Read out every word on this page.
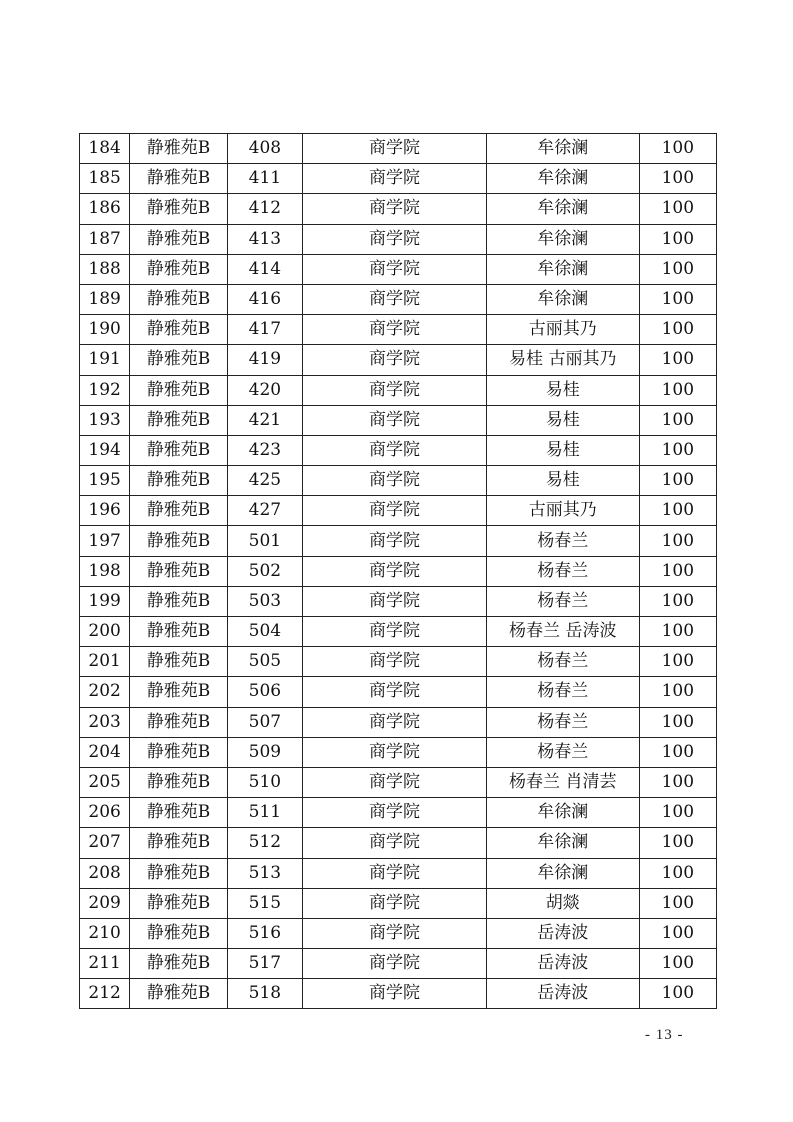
184	静雅苑B	408	商学院	牟徐澜	100
185	静雅苑B	411	商学院	牟徐澜	100
186	静雅苑B	412	商学院	牟徐澜	100
187	静雅苑B	413	商学院	牟徐澜	100
188	静雅苑B	414	商学院	牟徐澜	100
189	静雅苑B	416	商学院	牟徐澜	100
190	静雅苑B	417	商学院	古丽其乃	100
191	静雅苑B	419	商学院	易桂 古丽其乃	100
192	静雅苑B	420	商学院	易桂	100
193	静雅苑B	421	商学院	易桂	100
194	静雅苑B	423	商学院	易桂	100
195	静雅苑B	425	商学院	易桂	100
196	静雅苑B	427	商学院	古丽其乃	100
197	静雅苑B	501	商学院	杨春兰	100
198	静雅苑B	502	商学院	杨春兰	100
199	静雅苑B	503	商学院	杨春兰	100
200	静雅苑B	504	商学院	杨春兰 岳涛波	100
201	静雅苑B	505	商学院	杨春兰	100
202	静雅苑B	506	商学院	杨春兰	100
203	静雅苑B	507	商学院	杨春兰	100
204	静雅苑B	509	商学院	杨春兰	100
205	静雅苑B	510	商学院	杨春兰 肖清芸	100
206	静雅苑B	511	商学院	牟徐澜	100
207	静雅苑B	512	商学院	牟徐澜	100
208	静雅苑B	513	商学院	牟徐澜	100
209	静雅苑B	515	商学院	胡燚	100
210	静雅苑B	516	商学院	岳涛波	100
211	静雅苑B	517	商学院	岳涛波	100
212	静雅苑B	518	商学院	岳涛波	100
- 13 -
